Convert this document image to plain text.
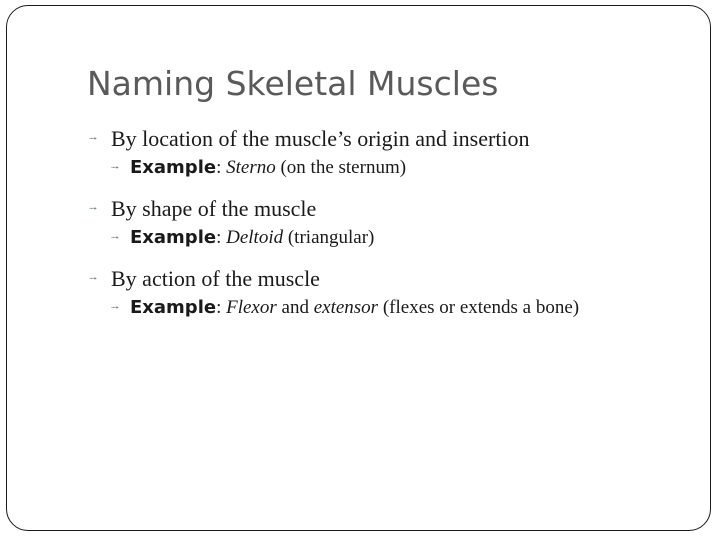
Naming Skeletal Muscles
⭬ By location of the muscle’s origin and insertion
⭬ Example: Sterno (on the sternum)
⭬ By shape of the muscle
⭬ Example: Deltoid (triangular)
⭬ By action of the muscle
⭬ Example: Flexor and extensor (flexes or extends a bone)
